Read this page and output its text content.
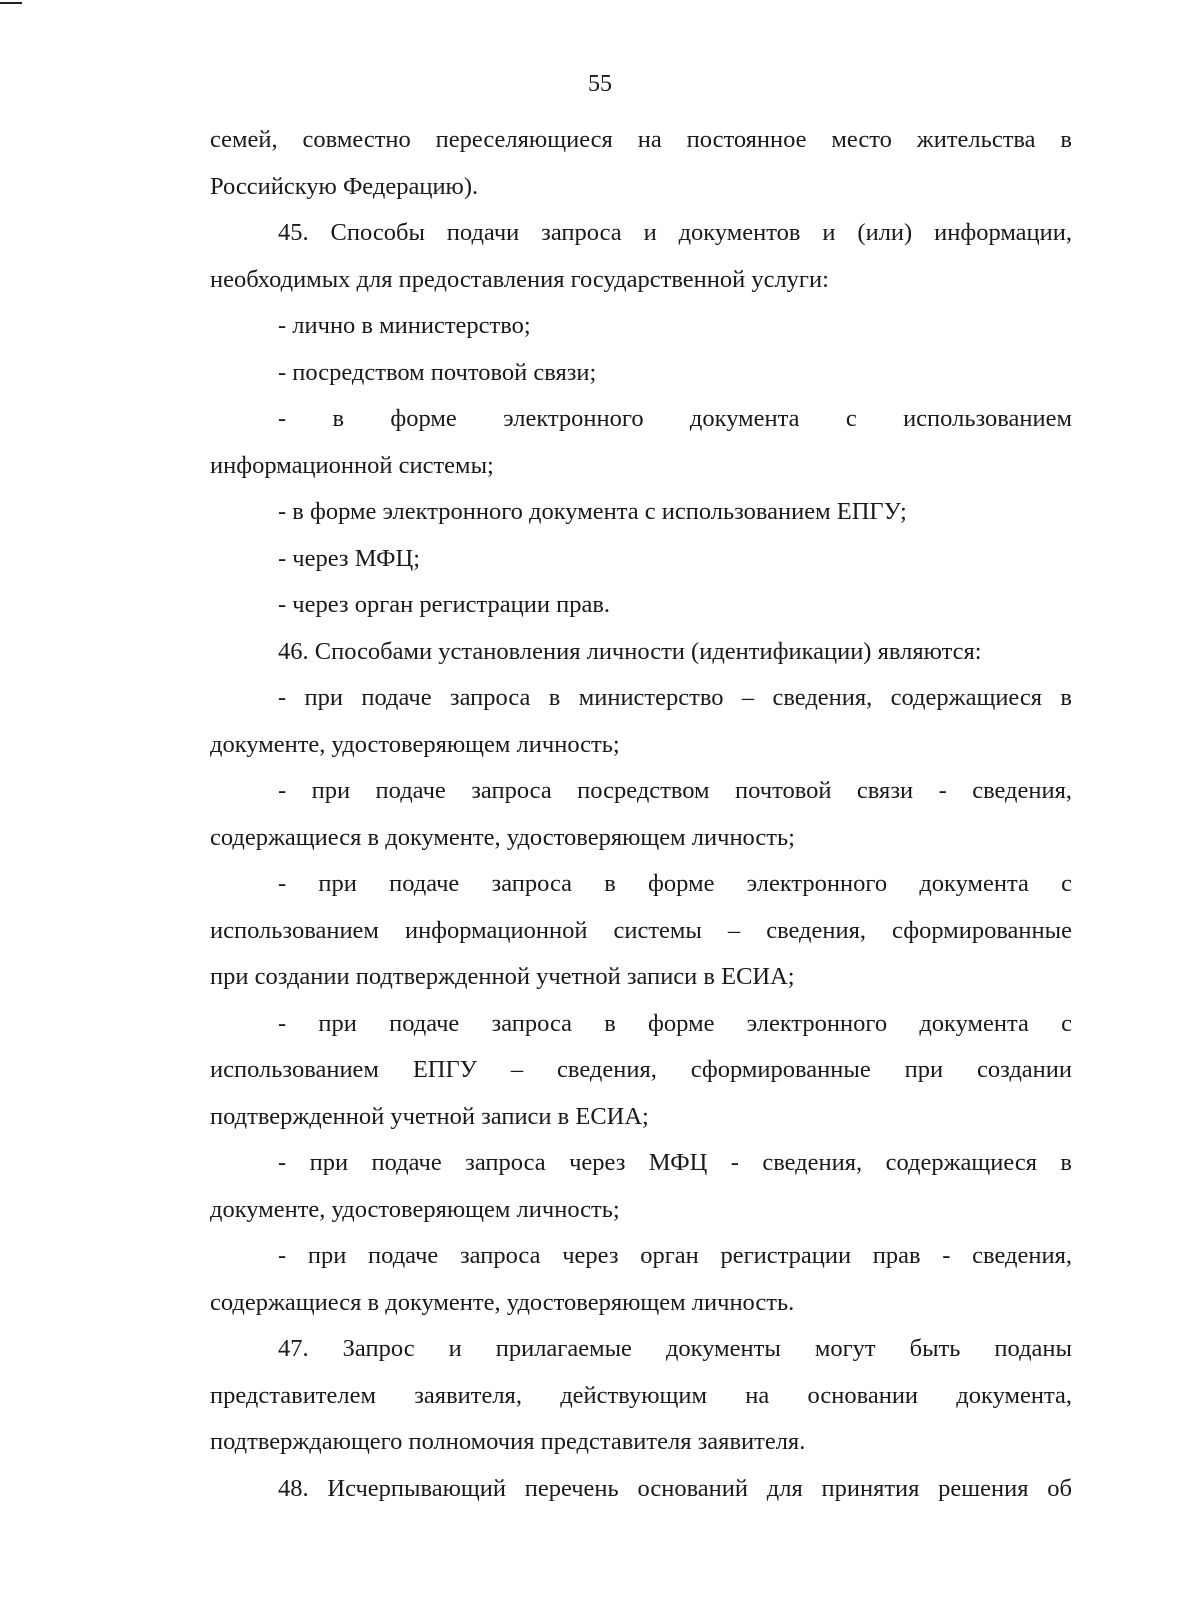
55
семей, совместно переселяющиеся на постоянное место жительства в
Российскую Федерацию).
45. Способы подачи запроса и документов и (или) информации,
необходимых для предоставления государственной услуги:
- лично в министерство;
- посредством почтовой связи;
- в форме электронного документа с использованием
информационной системы;
- в форме электронного документа с использованием ЕПГУ;
- через МФЦ;
- через орган регистрации прав.
46. Способами установления личности (идентификации) являются:
- при подаче запроса в министерство – сведения, содержащиеся в
документе, удостоверяющем личность;
- при подаче запроса посредством почтовой связи - сведения,
содержащиеся в документе, удостоверяющем личность;
- при подаче запроса в форме электронного документа с
использованием информационной системы – сведения, сформированные
при создании подтвержденной учетной записи в ЕСИА;
- при подаче запроса в форме электронного документа с
использованием ЕПГУ – сведения, сформированные при создании
подтвержденной учетной записи в ЕСИА;
- при подаче запроса через МФЦ - сведения, содержащиеся в
документе, удостоверяющем личность;
- при подаче запроса через орган регистрации прав - сведения,
содержащиеся в документе, удостоверяющем личность.
47. Запрос и прилагаемые документы могут быть поданы
представителем заявителя, действующим на основании документа,
подтверждающего полномочия представителя заявителя.
48. Исчерпывающий перечень оснований для принятия решения об
